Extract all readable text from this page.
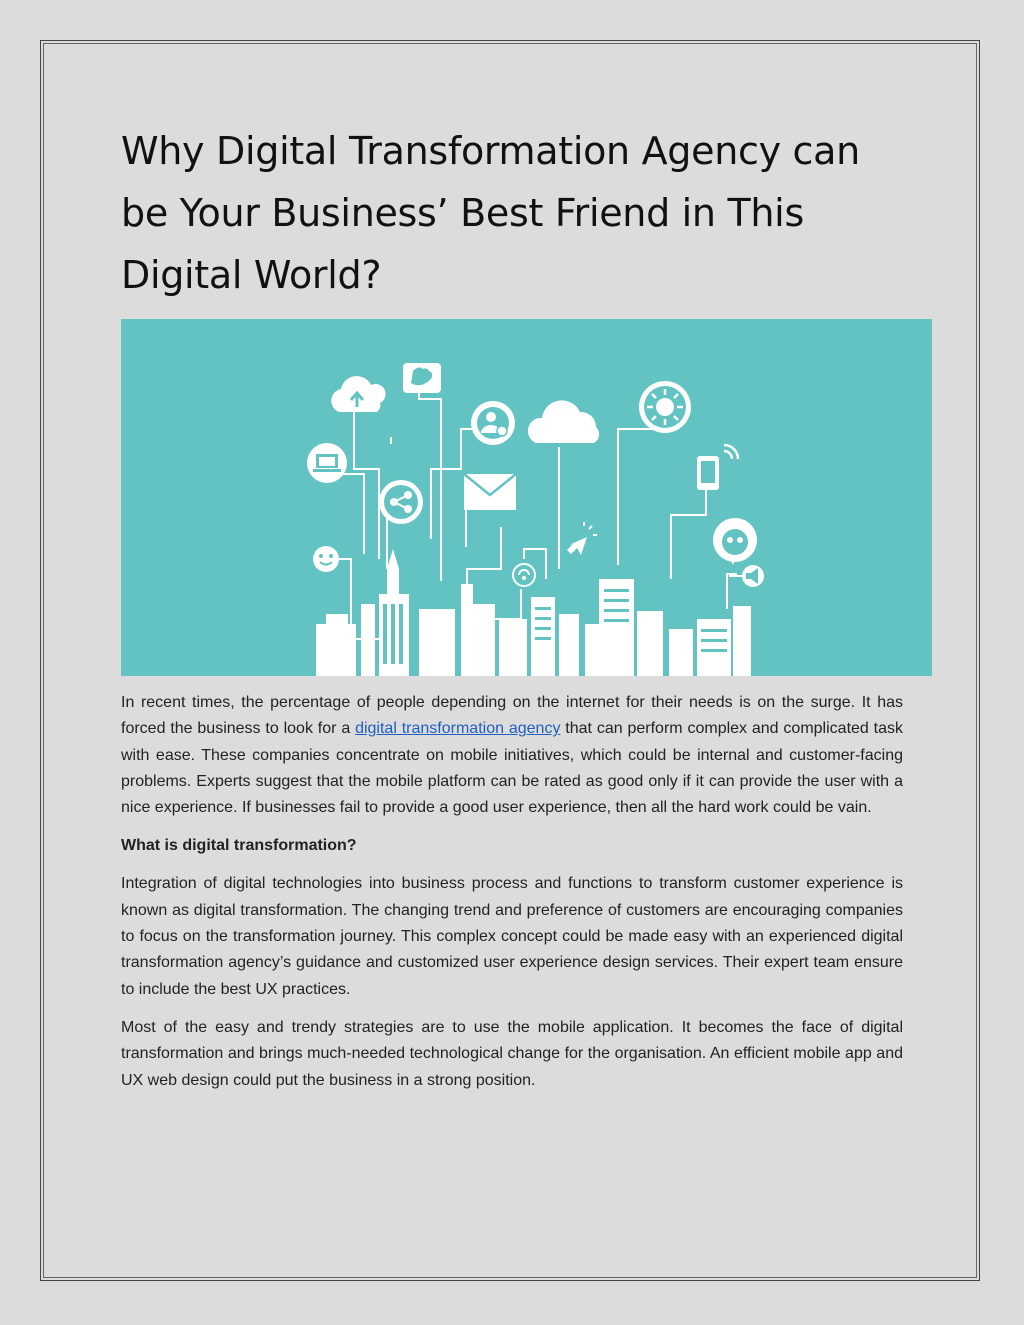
Why Digital Transformation Agency can be Your Business’ Best Friend in This Digital World?

In recent times, the percentage of people depending on the internet for their needs is on the surge. It has forced the business to look for a digital transformation agency that can perform complex and complicated task with ease. These companies concentrate on mobile initiatives, which could be internal and customer-facing problems. Experts suggest that the mobile platform can be rated as good only if it can provide the user with a nice experience. If businesses fail to provide a good user experience, then all the hard work could be vain.

What is digital transformation?

Integration of digital technologies into business process and functions to transform customer experience is known as digital transformation. The changing trend and preference of customers are encouraging companies to focus on the transformation journey. This complex concept could be made easy with an experienced digital transformation agency’s guidance and customized user experience design services. Their expert team ensure to include the best UX practices.

Most of the easy and trendy strategies are to use the mobile application. It becomes the face of digital transformation and brings much-needed technological change for the organisation. An efficient mobile app and UX web design could put the business in a strong position.
